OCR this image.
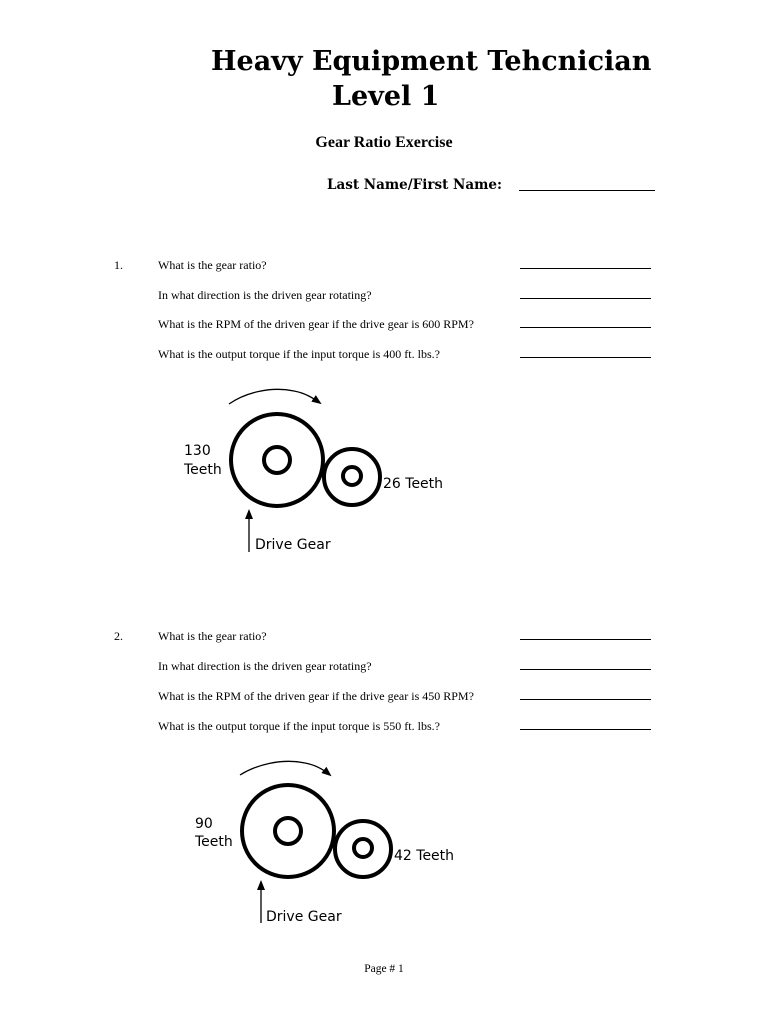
Heavy Equipment Tehcnician
Level 1
Gear Ratio Exercise
Last Name/First Name:
1.	What is the gear ratio?
In what direction is the driven gear rotating?
What is the RPM of the driven gear if the drive gear is 600 RPM?
What is the output torque if the input torque is 400 ft. lbs.?
130
Teeth
26 Teeth
Drive Gear
2.	What is the gear ratio?
In what direction is the driven gear rotating?
What is the RPM of the driven gear if the drive gear is 450 RPM?
What is the output torque if the input torque is 550 ft. lbs.?
90
Teeth
42 Teeth
Drive Gear
Page # 1
